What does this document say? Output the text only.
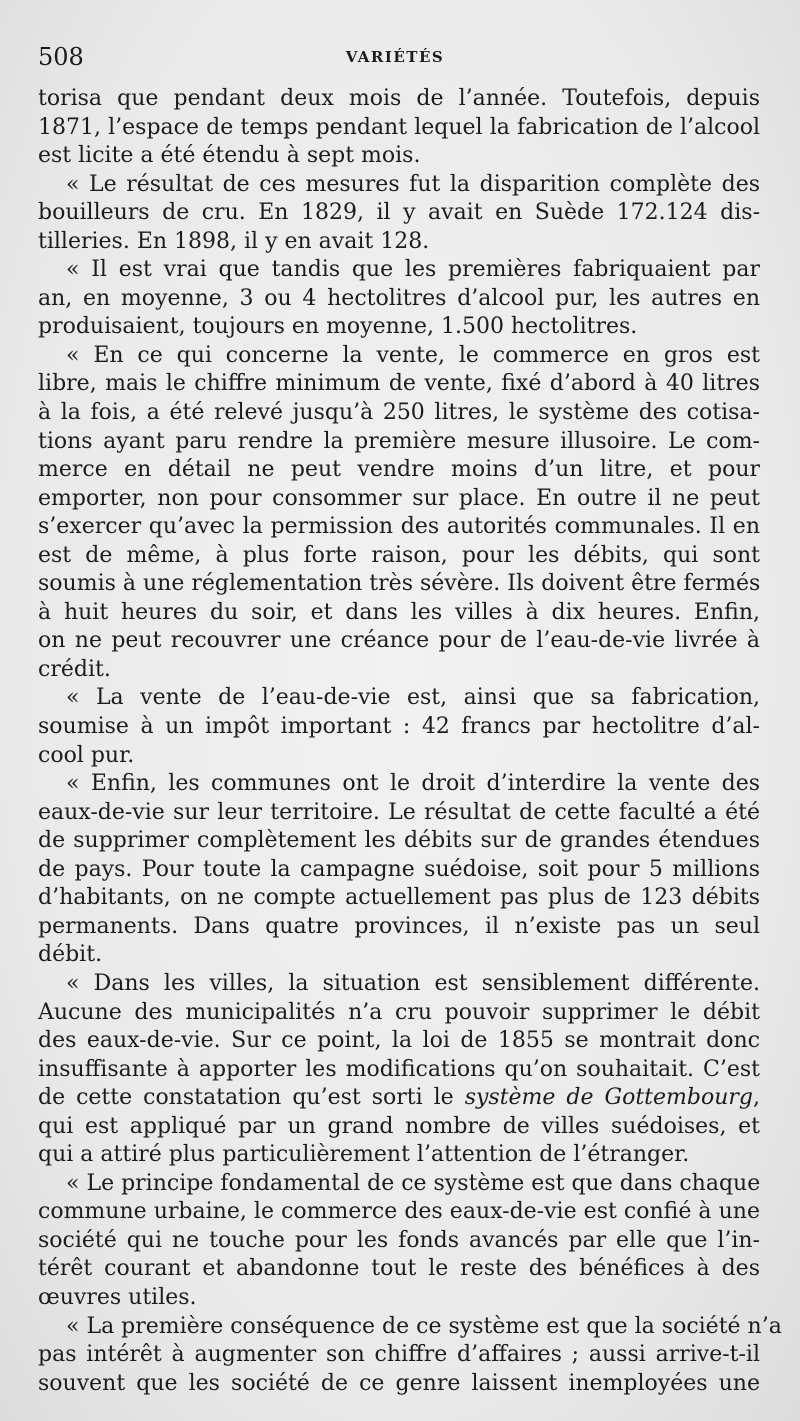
508	VARIÉTÉS
torisa que pendant deux mois de l’année. Toutefois, depuis
1871, l’espace de temps pendant lequel la fabrication de l’alcool
est licite a été étendu à sept mois.
« Le résultat de ces mesures fut la disparition complète des
bouilleurs de cru. En 1829, il y avait en Suède 172.124 dis-
tilleries. En 1898, il y en avait 128.
« Il est vrai que tandis que les premières fabriquaient par
an, en moyenne, 3 ou 4 hectolitres d’alcool pur, les autres en
produisaient, toujours en moyenne, 1.500 hectolitres.
« En ce qui concerne la vente, le commerce en gros est
libre, mais le chiffre minimum de vente, fixé d’abord à 40 litres
à la fois, a été relevé jusqu’à 250 litres, le système des cotisa-
tions ayant paru rendre la première mesure illusoire. Le com-
merce en détail ne peut vendre moins d’un litre, et pour
emporter, non pour consommer sur place. En outre il ne peut
s’exercer qu’avec la permission des autorités communales. Il en
est de même, à plus forte raison, pour les débits, qui sont
soumis à une réglementation très sévère. Ils doivent être fermés
à huit heures du soir, et dans les villes à dix heures. Enfin,
on ne peut recouvrer une créance pour de l’eau-de-vie livrée à
crédit.
« La vente de l’eau-de-vie est, ainsi que sa fabrication,
soumise à un impôt important : 42 francs par hectolitre d’al-
cool pur.
« Enfin, les communes ont le droit d’interdire la vente des
eaux-de-vie sur leur territoire. Le résultat de cette faculté a été
de supprimer complètement les débits sur de grandes étendues
de pays. Pour toute la campagne suédoise, soit pour 5 millions
d’habitants, on ne compte actuellement pas plus de 123 débits
permanents. Dans quatre provinces, il n’existe pas un seul
débit.
« Dans les villes, la situation est sensiblement différente.
Aucune des municipalités n’a cru pouvoir supprimer le débit
des eaux-de-vie. Sur ce point, la loi de 1855 se montrait donc
insuffisante à apporter les modifications qu’on souhaitait. C’est
de cette constatation qu’est sorti le système de Gottembourg,
qui est appliqué par un grand nombre de villes suédoises, et
qui a attiré plus particulièrement l’attention de l’étranger.
« Le principe fondamental de ce système est que dans chaque
commune urbaine, le commerce des eaux-de-vie est confié à une
société qui ne touche pour les fonds avancés par elle que l’in-
térêt courant et abandonne tout le reste des bénéfices à des
œuvres utiles.
« La première conséquence de ce système est que la société n’a
pas intérêt à augmenter son chiffre d’affaires ; aussi arrive-t-il
souvent que les société de ce genre laissent inemployées une
